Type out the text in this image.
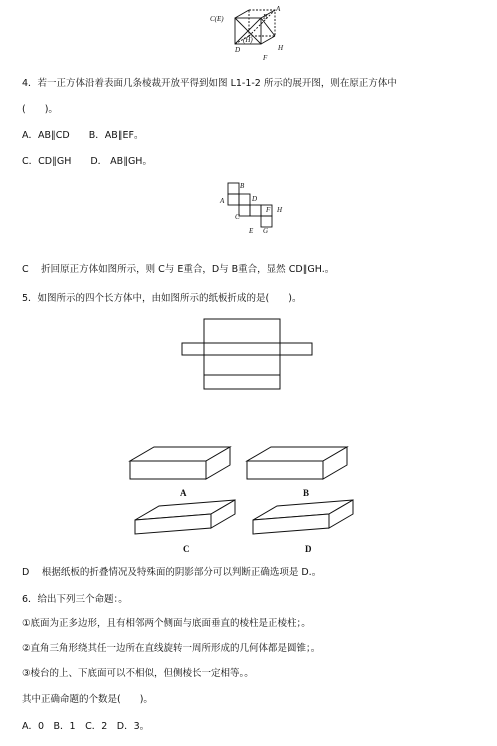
C(E)
A
B
D
(H)
H
F
4．若一正方体沿着表面几条棱裁开放平得到如图 L1-1-2 所示的展开图，则在原正方体中
(　　)。
A．AB∥CD　　B．AB∥EF。
C．CD∥GH　　D． AB∥GH。
B
A
C
D
F H
E G
C　 折回原正方体如图所示，则 C与 E重合，D与 B重合，显然 CD∥GH.。
5．如图所示的四个长方体中，由如图所示的纸板折成的是(　　)。
A	B
C	D
D　 根据纸板的折叠情况及特殊面的阴影部分可以判断正确选项是 D.。
6．给出下列三个命题：。
①底面为正多边形，且有相邻两个侧面与底面垂直的棱柱是正棱柱；。
②直角三角形绕其任一边所在直线旋转一周所形成的几何体都是圆锥；。
③棱台的上、下底面可以不相似，但侧棱长一定相等。。
其中正确命题的个数是(　　)。
A．0　B．1　C．2　D．3。
